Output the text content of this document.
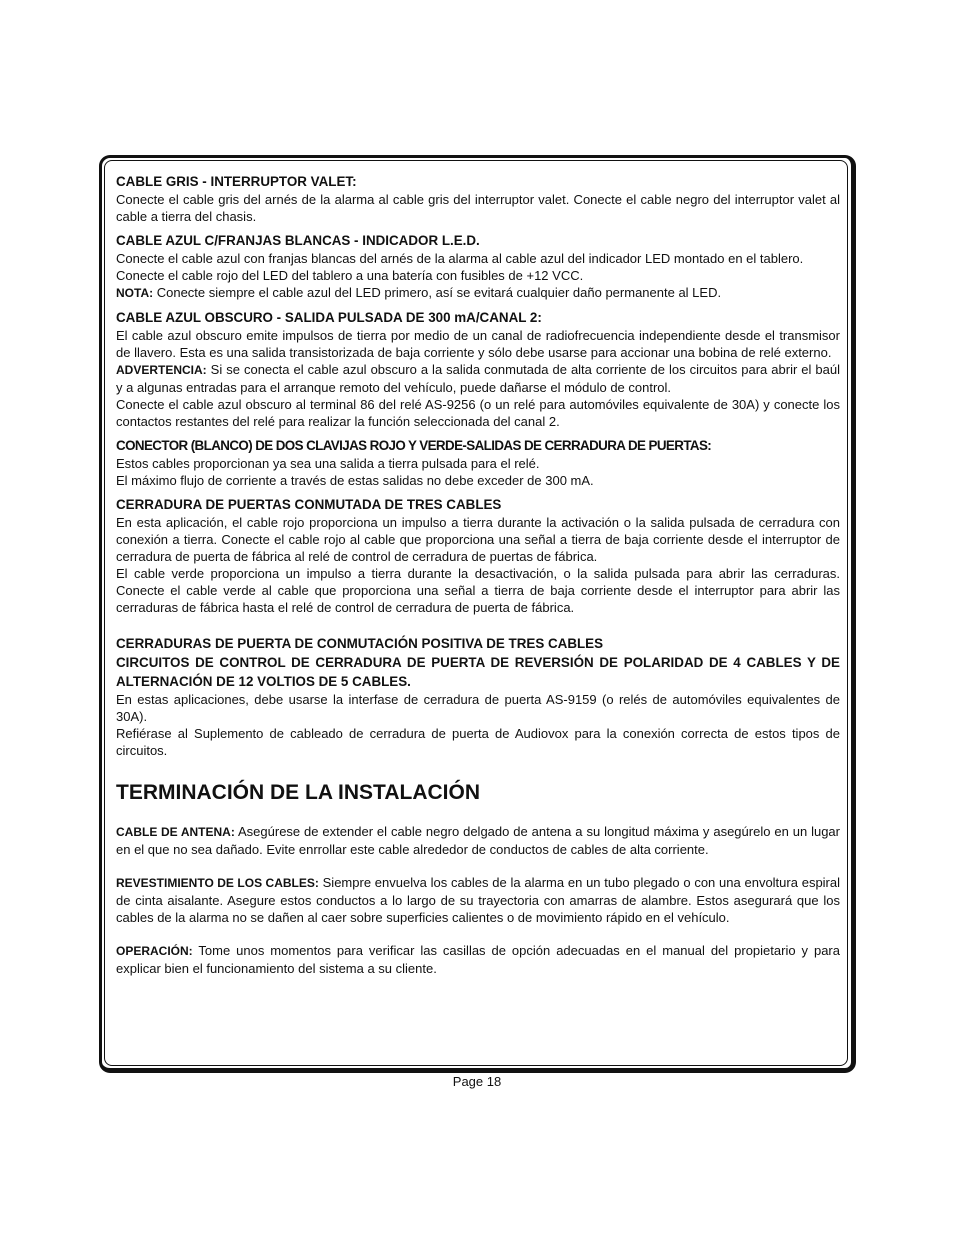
CABLE GRIS - INTERRUPTOR VALET:
Conecte el cable gris del arnés de la alarma al cable gris del interruptor valet. Conecte el cable negro del interruptor valet al cable a tierra del chasis.
CABLE AZUL C/FRANJAS BLANCAS - INDICADOR L.E.D.
Conecte el cable azul con franjas blancas del arnés de la alarma al cable azul del indicador LED montado en el tablero.
Conecte el cable rojo del LED del tablero a una batería con fusibles de +12 VCC.
NOTA: Conecte siempre el cable azul del LED primero, así se evitará cualquier daño permanente al LED.
CABLE AZUL OBSCURO - SALIDA PULSADA DE 300 mA/CANAL 2:
El cable azul obscuro emite impulsos de tierra por medio de un canal de radiofrecuencia independiente desde el transmisor de llavero. Esta es una salida transistorizada de baja corriente y sólo debe usarse para accionar una bobina de relé externo.
ADVERTENCIA: Si se conecta el cable azul obscuro a la salida conmutada de alta corriente de los circuitos para abrir el baúl y a algunas entradas para el arranque remoto del vehículo, puede dañarse el módulo de control.
Conecte el cable azul obscuro al terminal 86 del relé AS-9256 (o un relé para automóviles equivalente de 30A) y conecte los contactos restantes del relé para realizar la función seleccionada del canal 2.
CONECTOR (BLANCO) DE DOS CLAVIJAS ROJO Y VERDE-SALIDAS DE CERRADURA DE PUERTAS:
Estos cables proporcionan ya sea una salida a tierra pulsada para el relé.
El máximo flujo de corriente a través de estas salidas no debe exceder de 300 mA.
CERRADURA DE PUERTAS CONMUTADA DE TRES CABLES
En esta aplicación, el cable rojo proporciona un impulso a tierra durante la activación o la salida pulsada de cerradura con conexión a tierra. Conecte el cable rojo al cable que proporciona una señal a tierra de baja corriente desde el interruptor de cerradura de puerta de fábrica al relé de control de cerradura de puertas de fábrica.
El cable verde proporciona un impulso a tierra durante la desactivación, o la salida pulsada para abrir las cerraduras. Conecte el cable verde al cable que proporciona una señal a tierra de baja corriente desde el interruptor para abrir las cerraduras de fábrica hasta el relé de control de cerradura de puerta de fábrica.
CERRADURAS DE PUERTA DE CONMUTACIÓN POSITIVA DE TRES CABLES
CIRCUITOS DE CONTROL DE CERRADURA DE PUERTA DE REVERSIÓN DE POLARIDAD DE 4 CABLES Y DE ALTERNACIÓN DE 12 VOLTIOS DE 5 CABLES.
En estas aplicaciones, debe usarse la interfase de cerradura de puerta AS-9159 (o relés de automóviles equivalentes de 30A).
Refiérase al Suplemento de cableado de cerradura de puerta de Audiovox para la conexión correcta de estos tipos de circuitos.
TERMINACIÓN DE LA INSTALACIÓN
CABLE DE ANTENA: Asegúrese de extender el cable negro delgado de antena a su longitud máxima y asegúrelo en un lugar en el que no sea dañado. Evite enrrollar este cable alrededor de conductos de cables de alta corriente.
REVESTIMIENTO DE LOS CABLES: Siempre envuelva los cables de la alarma en un tubo plegado o con una envoltura espiral de cinta aisalante. Asegure estos conductos a lo largo de su trayectoria con amarras de alambre. Estos asegurará que los cables de la alarma no se dañen al caer sobre superficies calientes o de movimiento rápido en el vehículo.
OPERACIÓN: Tome unos momentos para verificar las casillas de opción adecuadas en el manual del propietario y para explicar bien el funcionamiento del sistema a su cliente.
Page 18
